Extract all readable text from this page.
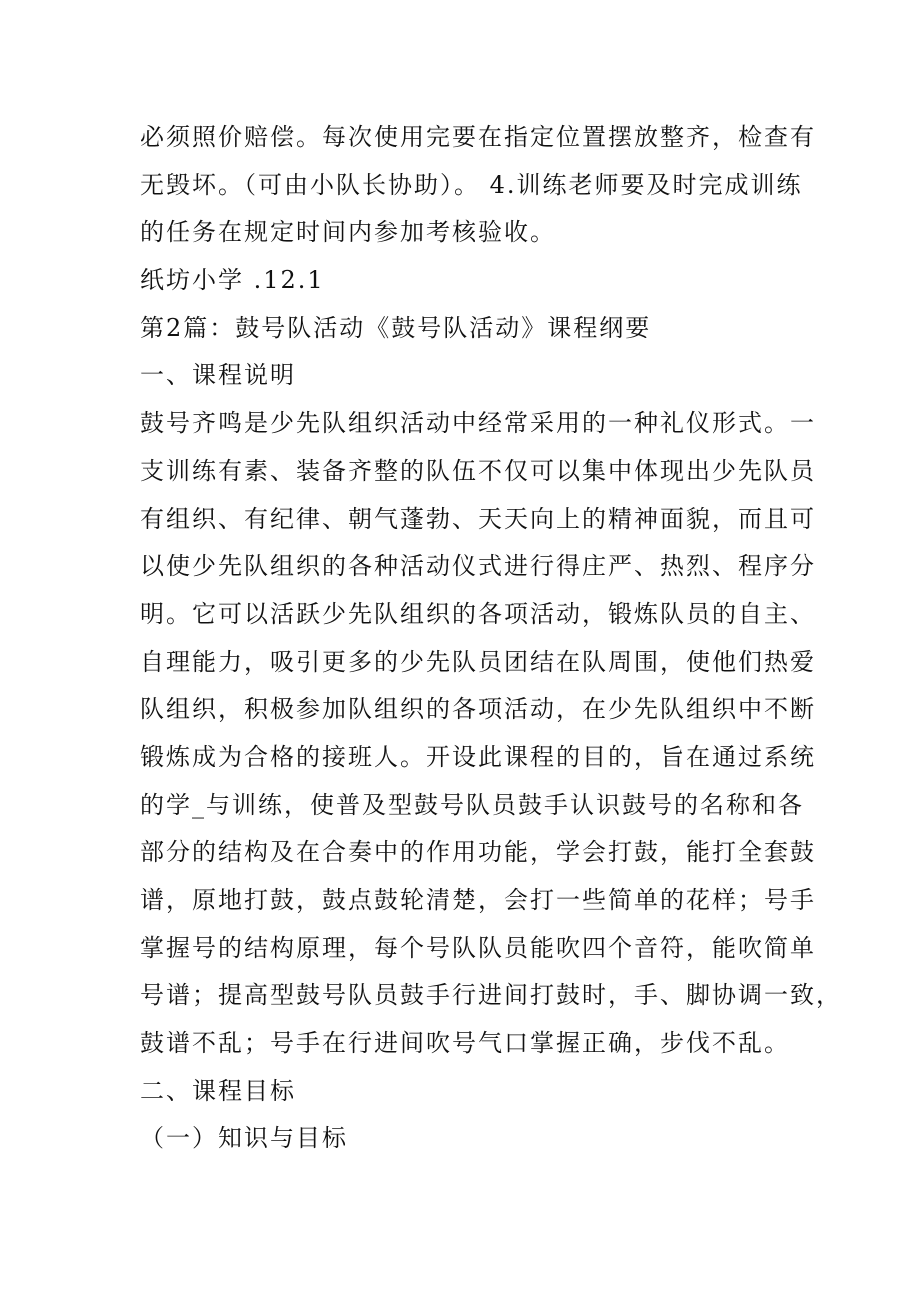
必须照价赔偿。每次使用完要在指定位置摆放整齐，检查有
无毁坏。（可由小队长协助）。 4.训练老师要及时完成训练
的任务在规定时间内参加考核验收。
纸坊小学 .12.1
第2篇：鼓号队活动《鼓号队活动》课程纲要
一、课程说明
鼓号齐鸣是少先队组织活动中经常采用的一种礼仪形式。一
支训练有素、装备齐整的队伍不仅可以集中体现出少先队员
有组织、有纪律、朝气蓬勃、天天向上的精神面貌，而且可
以使少先队组织的各种活动仪式进行得庄严、热烈、程序分
明。它可以活跃少先队组织的各项活动，锻炼队员的自主、
自理能力，吸引更多的少先队员团结在队周围，使他们热爱
队组织，积极参加队组织的各项活动，在少先队组织中不断
锻炼成为合格的接班人。开设此课程的目的，旨在通过系统
的学_与训练，使普及型鼓号队员鼓手认识鼓号的名称和各
部分的结构及在合奏中的作用功能，学会打鼓，能打全套鼓
谱，原地打鼓，鼓点鼓轮清楚，会打一些简单的花样；号手
掌握号的结构原理，每个号队队员能吹四个音符，能吹简单
号谱；提高型鼓号队员鼓手行进间打鼓时，手、脚协调一致，
鼓谱不乱；号手在行进间吹号气口掌握正确，步伐不乱。
二、课程目标
（一）知识与目标
